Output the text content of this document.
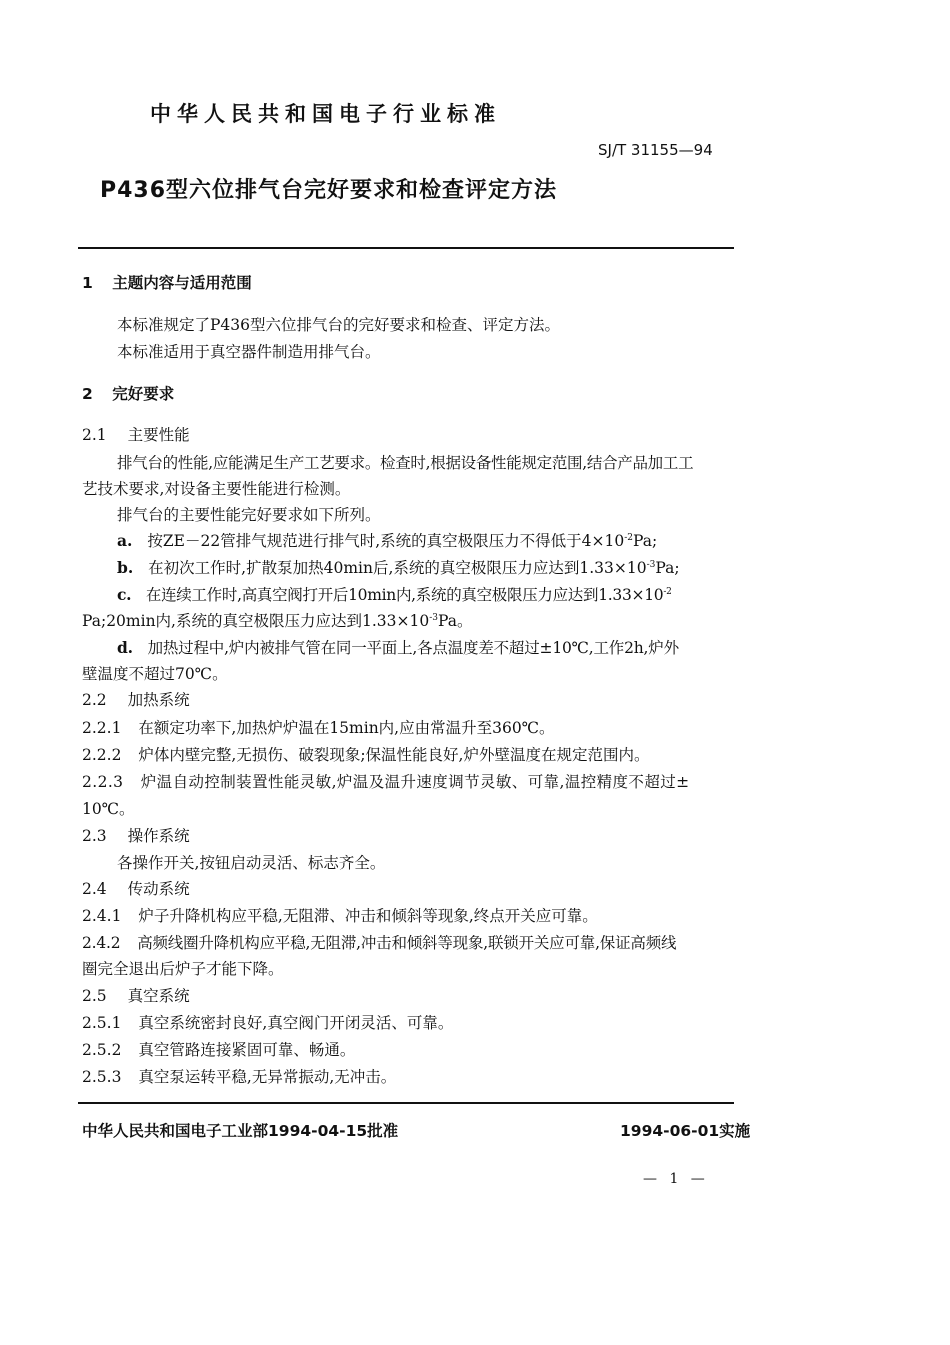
中华人民共和国电子行业标准
SJ/T 31155—94
P436型六位排气台完好要求和检查评定方法
1 主题内容与适用范围
本标准规定了P436型六位排气台的完好要求和检查、评定方法。
本标准适用于真空器件制造用排气台。
2 完好要求
2.1 主要性能
排气台的性能,应能满足生产工艺要求。检查时,根据设备性能规定范围,结合产品加工工
艺技术要求,对设备主要性能进行检测。
排气台的主要性能完好要求如下所列。
a. 按ZE－22管排气规范进行排气时,系统的真空极限压力不得低于$4\times 10^{-2}Pa$;
b. 在初次工作时,扩散泵加热40min后,系统的真空极限压力应达到$1.33\times 10^{-3}Pa$;
c. 在连续工作时,高真空阀打开后10min内,系统的真空极限压力应达到$1.33\times 10^{-2}$
Pa;20min内,系统的真空极限压力应达到$1.33\times 10^{-3}Pa$。
d. 加热过程中,炉内被排气管在同一平面上,各点温度差不超过±10℃,工作2h,炉外
壁温度不超过70℃。
2.2 加热系统
2.2.1 在额定功率下,加热炉炉温在15min内,应由常温升至360℃。
2.2.2 炉体内壁完整,无损伤、破裂现象;保温性能良好,炉外壁温度在规定范围内。
2.2.3 炉温自动控制装置性能灵敏,炉温及温升速度调节灵敏、可靠,温控精度不超过±
10℃。
2.3 操作系统
各操作开关,按钮启动灵活、标志齐全。
2.4 传动系统
2.4.1 炉子升降机构应平稳,无阻滞、冲击和倾斜等现象,终点开关应可靠。
2.4.2 高频线圈升降机构应平稳,无阻滞,冲击和倾斜等现象,联锁开关应可靠,保证高频线
圈完全退出后炉子才能下降。
2.5 真空系统
2.5.1 真空系统密封良好,真空阀门开闭灵活、可靠。
2.5.2 真空管路连接紧固可靠、畅通。
2.5.3 真空泵运转平稳,无异常振动,无冲击。
中华人民共和国电子工业部1994-04-15批准	1994-06-01实施
— 1 —
